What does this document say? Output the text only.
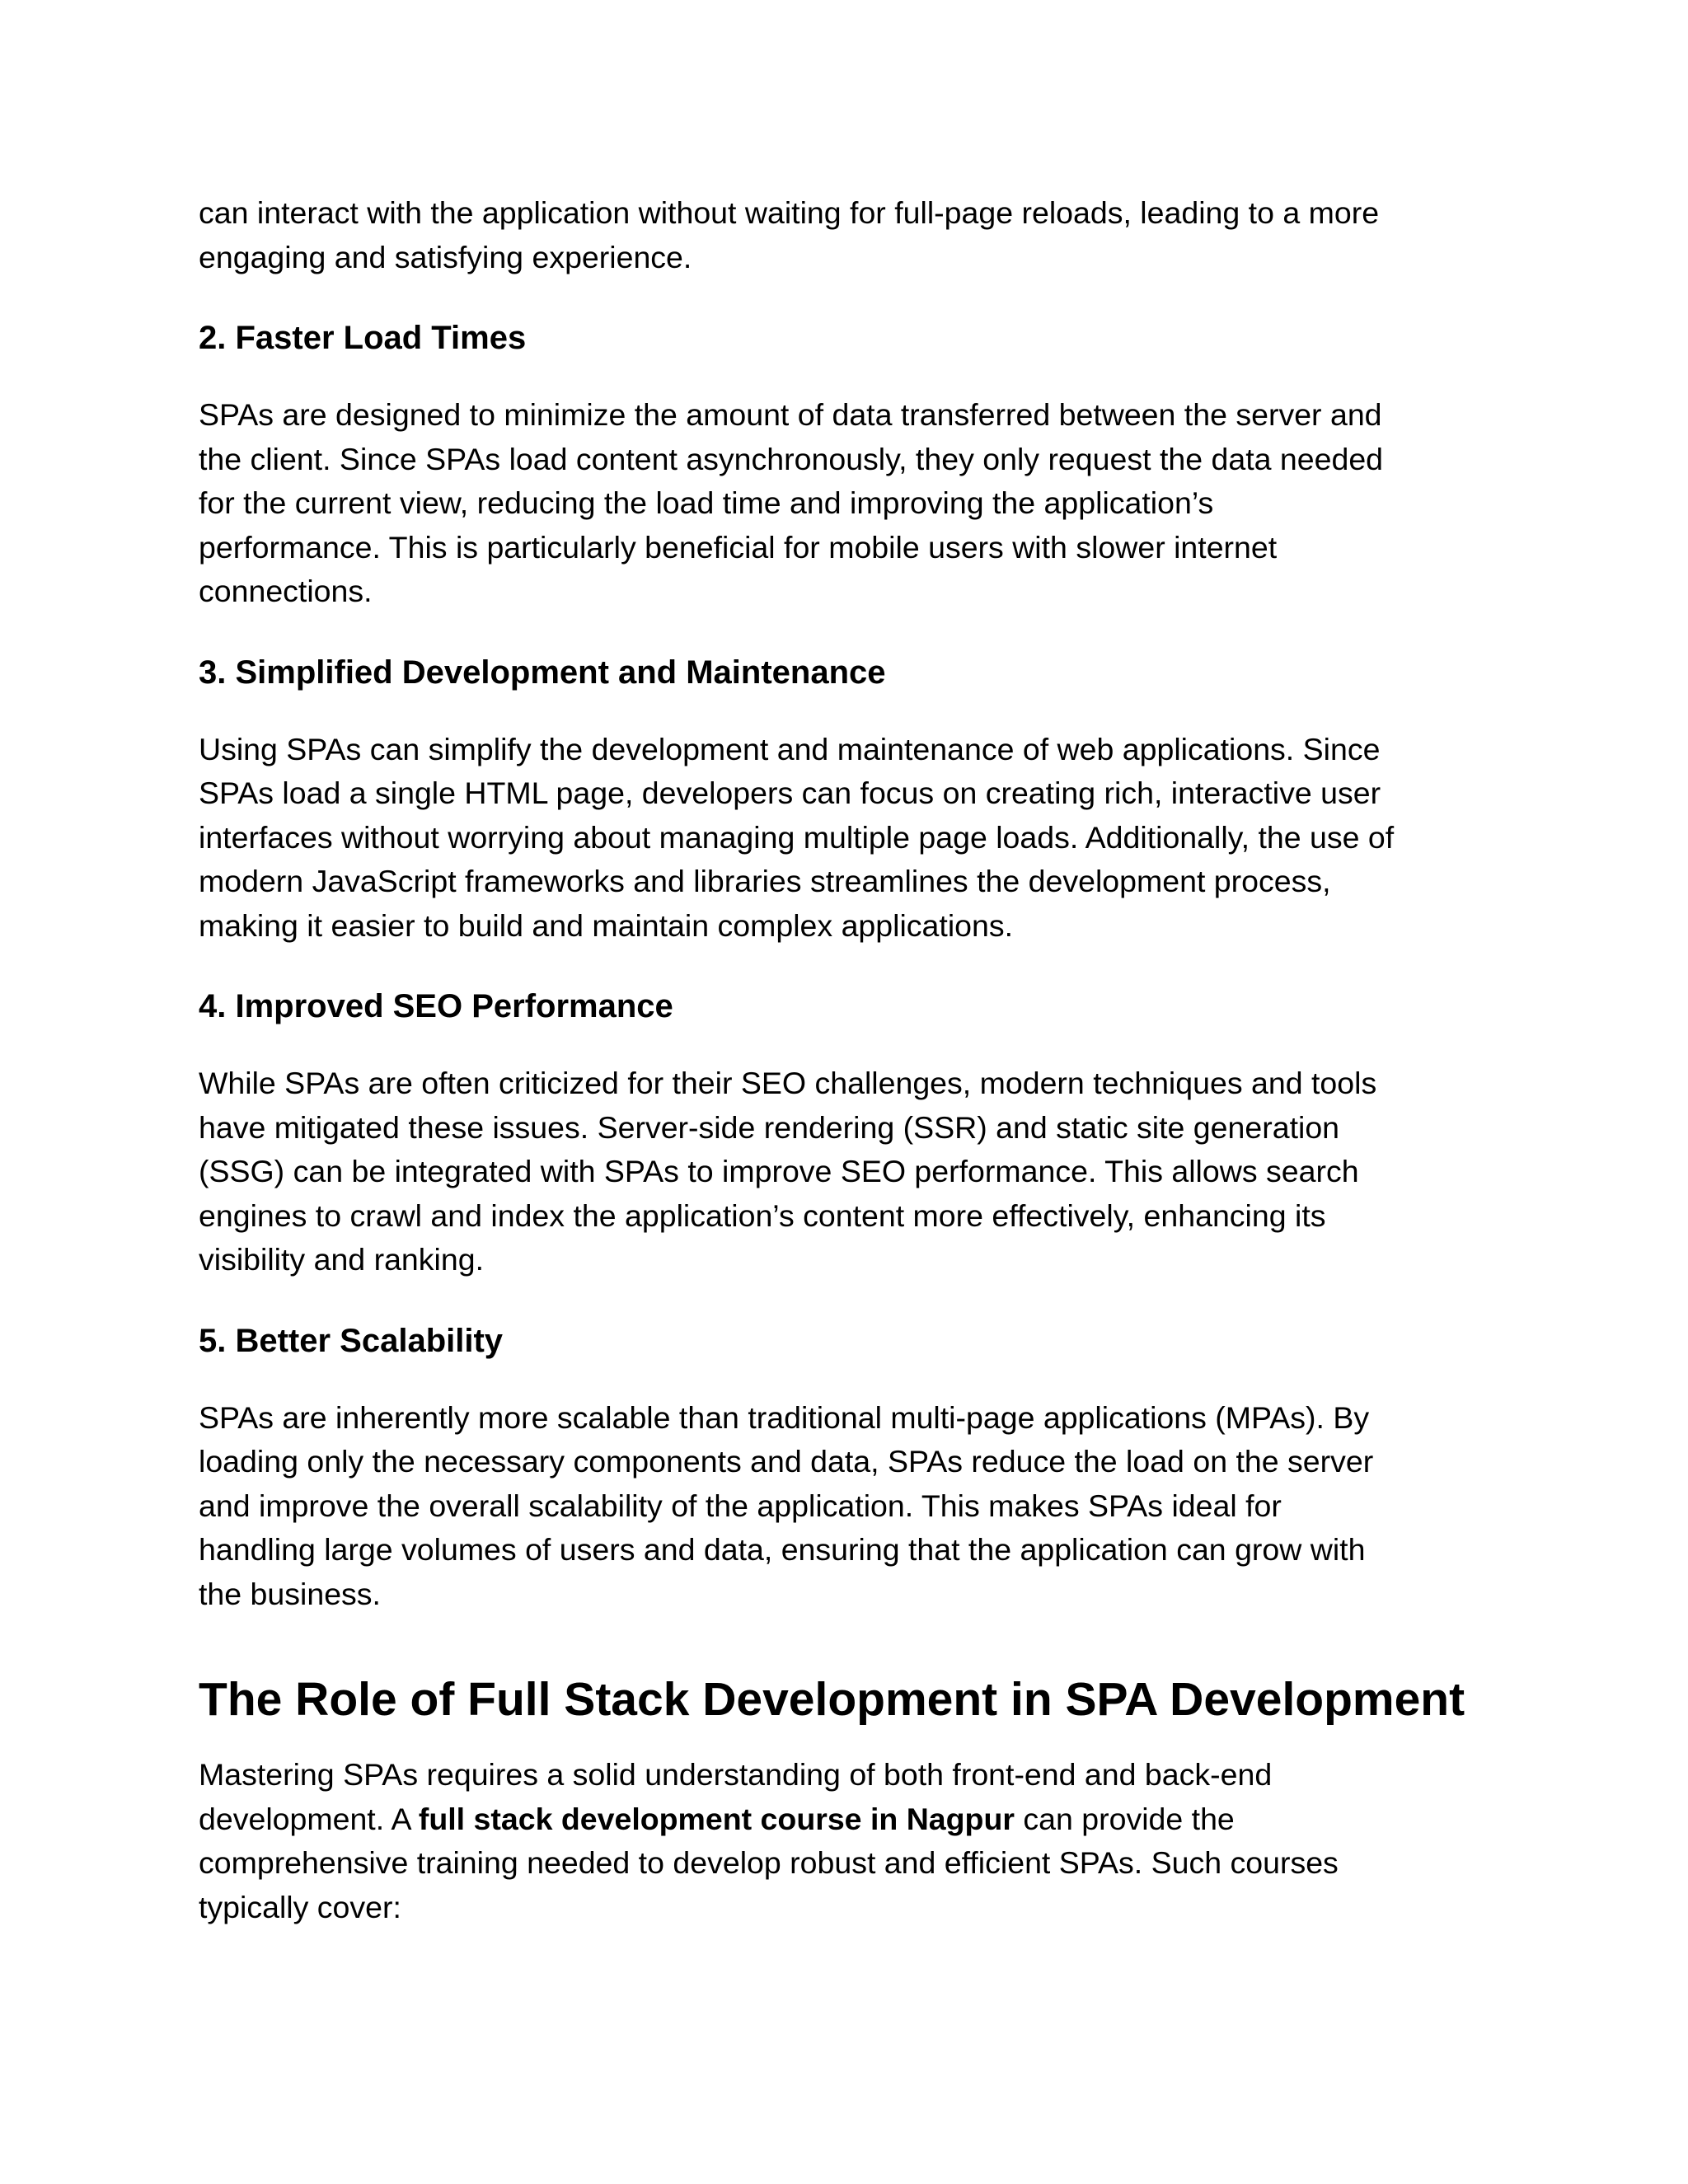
can interact with the application without waiting for full-page reloads, leading to a more
engaging and satisfying experience.

2. Faster Load Times

SPAs are designed to minimize the amount of data transferred between the server and
the client. Since SPAs load content asynchronously, they only request the data needed
for the current view, reducing the load time and improving the application’s
performance. This is particularly beneficial for mobile users with slower internet
connections.

3. Simplified Development and Maintenance

Using SPAs can simplify the development and maintenance of web applications. Since
SPAs load a single HTML page, developers can focus on creating rich, interactive user
interfaces without worrying about managing multiple page loads. Additionally, the use of
modern JavaScript frameworks and libraries streamlines the development process,
making it easier to build and maintain complex applications.

4. Improved SEO Performance

While SPAs are often criticized for their SEO challenges, modern techniques and tools
have mitigated these issues. Server-side rendering (SSR) and static site generation
(SSG) can be integrated with SPAs to improve SEO performance. This allows search
engines to crawl and index the application’s content more effectively, enhancing its
visibility and ranking.

5. Better Scalability

SPAs are inherently more scalable than traditional multi-page applications (MPAs). By
loading only the necessary components and data, SPAs reduce the load on the server
and improve the overall scalability of the application. This makes SPAs ideal for
handling large volumes of users and data, ensuring that the application can grow with
the business.

The Role of Full Stack Development in SPA Development

Mastering SPAs requires a solid understanding of both front-end and back-end
development. A full stack development course in Nagpur can provide the
comprehensive training needed to develop robust and efficient SPAs. Such courses
typically cover:
